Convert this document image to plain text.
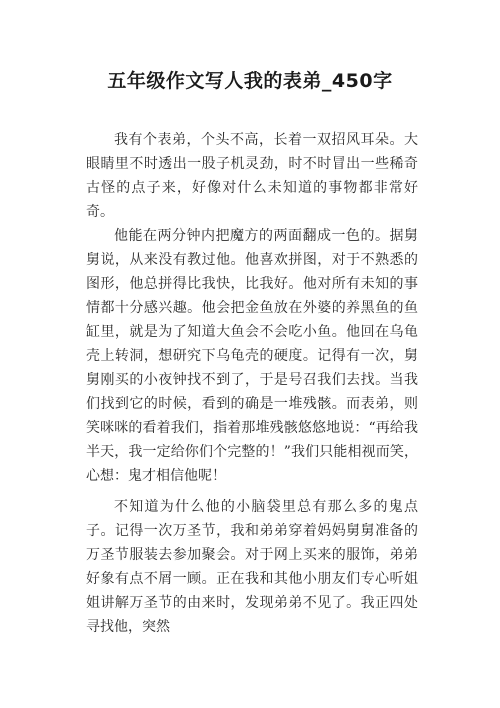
五年级作文写人我的表弟_450字

我有个表弟，个头不高，长着一双招风耳朵。大眼睛里不时透出一股子机灵劲，时不时冒出一些稀奇古怪的点子来，好像对什么未知道的事物都非常好奇。

他能在两分钟内把魔方的两面翻成一色的。据舅舅说，从来没有教过他。他喜欢拼图，对于不熟悉的图形，他总拼得比我快，比我好。他对所有未知的事情都十分感兴趣。他会把金鱼放在外婆的养黑鱼的鱼缸里，就是为了知道大鱼会不会吃小鱼。他回在乌龟壳上转洞，想研究下乌龟壳的硬度。记得有一次，舅舅刚买的小夜钟找不到了，于是号召我们去找。当我们找到它的时候，看到的确是一堆残骸。而表弟，则笑咪咪的看着我们，指着那堆残骸悠悠地说：“再给我半天，我一定给你们个完整的！”我们只能相视而笑，心想：鬼才相信他呢！

不知道为什么他的小脑袋里总有那么多的鬼点子。记得一次万圣节，我和弟弟穿着妈妈舅舅准备的万圣节服装去参加聚会。对于网上买来的服饰，弟弟好象有点不屑一顾。正在我和其他小朋友们专心听姐姐讲解万圣节的由来时，发现弟弟不见了。我正四处寻找他，突然
